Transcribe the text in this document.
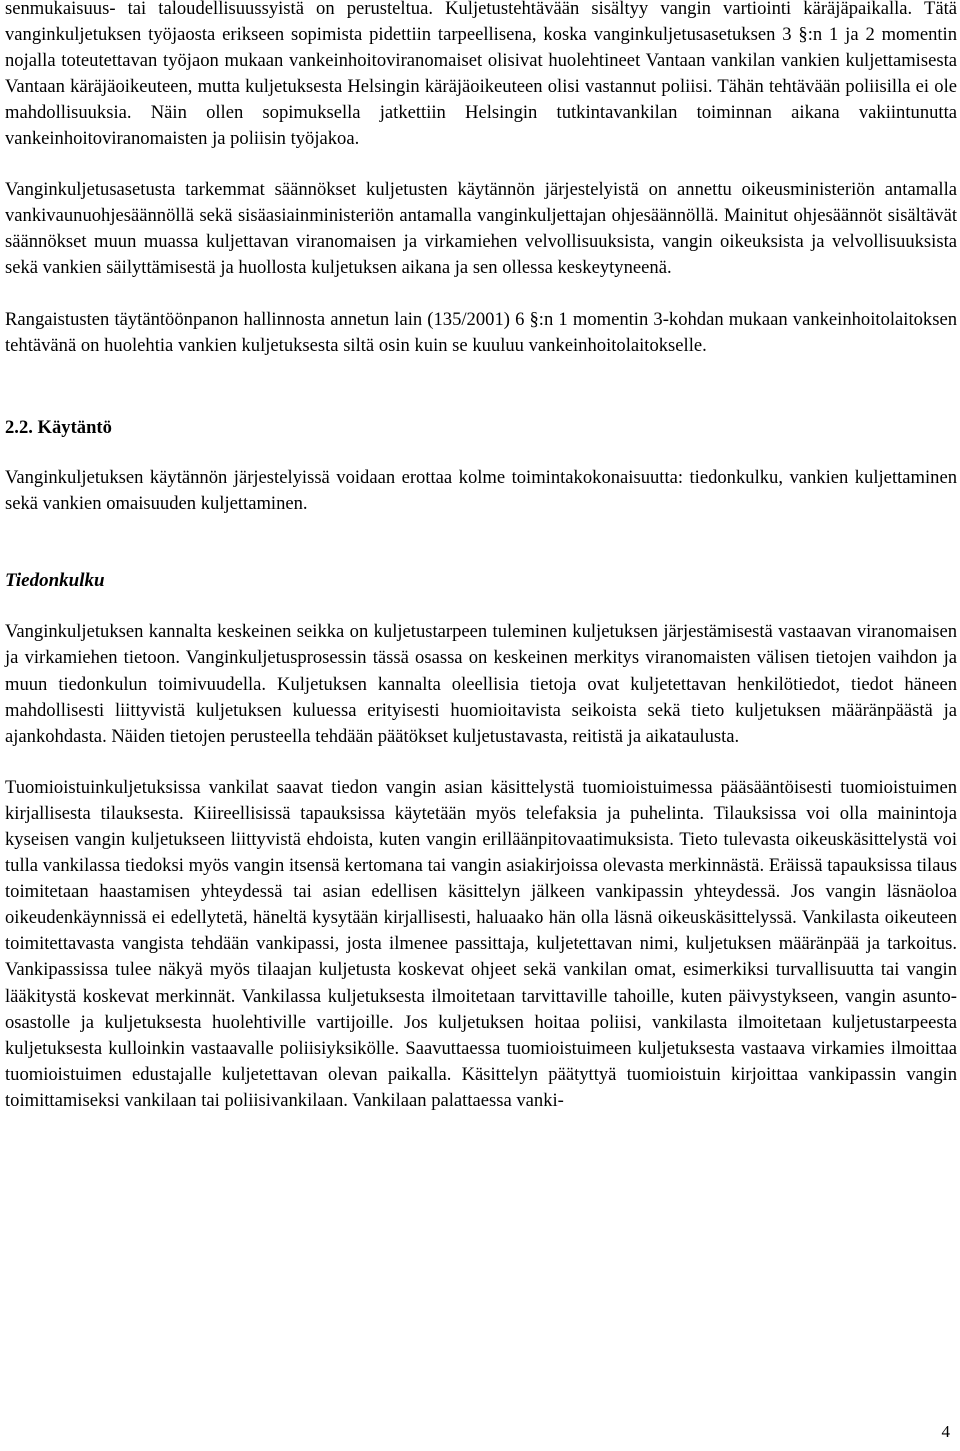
senmukaisuus- tai taloudellisuussyistä on perusteltua. Kuljetustehtävään sisältyy vangin vartiointi käräjäpaikalla. Tätä vanginkuljetuksen työjaosta erikseen sopimista pidettiin tarpeellisena, koska vanginkuljetusasetuksen 3 §:n 1 ja 2 momentin nojalla toteutettavan työjaon mukaan vankeinhoitoviranomaiset olisivat huolehtineet Vantaan vankilan vankien kuljettamisesta Vantaan käräjäoikeuteen, mutta kuljetuksesta Helsingin käräjäoikeuteen olisi vastannut poliisi. Tähän tehtävään poliisilla ei ole mahdollisuuksia. Näin ollen sopimuksella jatkettiin Helsingin tutkintavankilan toiminnan aikana vakiintunutta vankeinhoitoviranomaisten ja poliisin työjakoa.

Vanginkuljetusasetusta tarkemmat säännökset kuljetusten käytännön järjestelyistä on annettu oikeusministeriön antamalla vankivaunuohjesäännöllä sekä sisäasiainministeriön antamalla vanginkuljettajan ohjesäännöllä. Mainitut ohjesäännöt sisältävät säännökset muun muassa kuljettavan viranomaisen ja virkamiehen velvollisuuksista, vangin oikeuksista ja velvollisuuksista sekä vankien säilyttämisestä ja huollosta kuljetuksen aikana ja sen ollessa keskeytyneenä.

Rangaistusten täytäntöönpanon hallinnosta annetun lain (135/2001) 6 §:n 1 momentin 3-kohdan mukaan vankeinhoitolaitoksen tehtävänä on huolehtia vankien kuljetuksesta siltä osin kuin se kuuluu vankeinhoitolaitokselle.

2.2. Käytäntö

Vanginkuljetuksen käytännön järjestelyissä voidaan erottaa kolme toimintakokonaisuutta: tiedonkulku, vankien kuljettaminen sekä vankien omaisuuden kuljettaminen.

Tiedonkulku

Vanginkuljetuksen kannalta keskeinen seikka on kuljetustarpeen tuleminen kuljetuksen järjestämisestä vastaavan viranomaisen ja virkamiehen tietoon. Vanginkuljetusprosessin tässä osassa on keskeinen merkitys viranomaisten välisen tietojen vaihdon ja muun tiedonkulun toimivuudella. Kuljetuksen kannalta oleellisia tietoja ovat kuljetettavan henkilötiedot, tiedot häneen mahdollisesti liittyvistä kuljetuksen kuluessa erityisesti huomioitavista seikoista sekä tieto kuljetuksen määränpäästä ja ajankohdasta. Näiden tietojen perusteella tehdään päätökset kuljetustavasta, reitistä ja aikataulusta.

Tuomioistuinkuljetuksissa vankilat saavat tiedon vangin asian käsittelystä tuomioistuimessa pääsääntöisesti tuomioistuimen kirjallisesta tilauksesta. Kiireellisissä tapauksissa käytetään myös telefaksia ja puhelinta. Tilauksissa voi olla mainintoja kyseisen vangin kuljetukseen liittyvistä ehdoista, kuten vangin erilläänpitovaatimuksista. Tieto tulevasta oikeuskäsittelystä voi tulla vankilassa tiedoksi myös vangin itsensä kertomana tai vangin asiakirjoissa olevasta merkinnästä. Eräissä tapauksissa tilaus toimitetaan haastamisen yhteydessä tai asian edellisen käsittelyn jälkeen vankipassin yhteydessä. Jos vangin läsnäoloa oikeudenkäynnissä ei edellytetä, häneltä kysytään kirjallisesti, haluaako hän olla läsnä oikeuskäsittelyssä. Vankilasta oikeuteen toimitettavasta vangista tehdään vankipassi, josta ilmenee passittaja, kuljetettavan nimi, kuljetuksen määränpää ja tarkoitus. Vankipassissa tulee näkyä myös tilaajan kuljetusta koskevat ohjeet sekä vankilan omat, esimerkiksi turvallisuutta tai vangin lääkitystä koskevat merkinnät. Vankilassa kuljetuksesta ilmoitetaan tarvittaville tahoille, kuten päivystykseen, vangin asunto-osastolle ja kuljetuksesta huolehtiville vartijoille. Jos kuljetuksen hoitaa poliisi, vankilasta ilmoitetaan kuljetustarpeesta kuljetuksesta kulloinkin vastaavalle poliisiyksikölle. Saavuttaessa tuomioistuimeen kuljetuksesta vastaava virkamies ilmoittaa tuomioistuimen edustajalle kuljetettavan olevan paikalla. Käsittelyn päätyttyä tuomioistuin kirjoittaa vankipassin vangin toimittamiseksi vankilaan tai poliisivankilaan. Vankilaan palattaessa vanki-

4
